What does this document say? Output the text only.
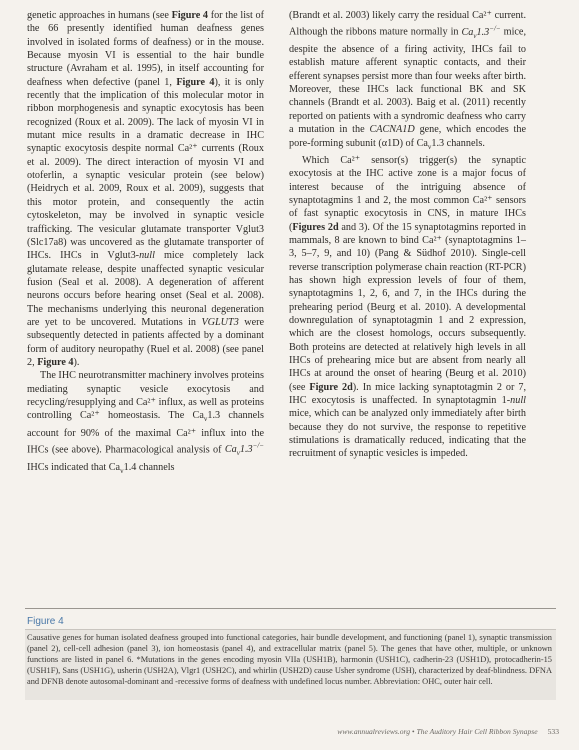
genetic approaches in humans (see Figure 4 for the list of the 66 presently identified human deafness genes involved in isolated forms of deafness) or in the mouse. Because myosin VI is essential to the hair bundle structure (Avraham et al. 1995), in itself accounting for deafness when defective (panel 1, Figure 4), it is only recently that the implication of this molecular motor in ribbon morphogenesis and synaptic exocytosis has been recognized (Roux et al. 2009). The lack of myosin VI in mutant mice results in a dramatic decrease in IHC synaptic exocytosis despite normal Ca²⁺ currents (Roux et al. 2009). The direct interaction of myosin VI and otoferlin, a synaptic vesicular protein (see below) (Heidrych et al. 2009, Roux et al. 2009), suggests that this motor protein, and consequently the actin cytoskeleton, may be involved in synaptic vesicle trafficking. The vesicular glutamate transporter Vglut3 (Slc17a8) was uncovered as the glutamate transporter of IHCs. IHCs in Vglut3-null mice completely lack glutamate release, despite unaffected synaptic vesicular fusion (Seal et al. 2008). A degeneration of afferent neurons occurs before hearing onset (Seal et al. 2008). The mechanisms underlying this neuronal degeneration are yet to be uncovered. Mutations in VGLUT3 were subsequently detected in patients affected by a dominant form of auditory neuropathy (Ruel et al. 2008) (see panel 2, Figure 4).

The IHC neurotransmitter machinery involves proteins mediating synaptic vesicle exocytosis and recycling/resupplying and Ca²⁺ influx, as well as proteins controlling Ca²⁺ homeostasis. The $Ca_v1.3$ channels account for 90% of the maximal Ca²⁺ influx into the IHCs (see above). Pharmacological analysis of $Ca_v1.3^{-/-}$ IHCs indicated that $Ca_v1.4$ channels

(Brandt et al. 2003) likely carry the residual Ca²⁺ current. Although the ribbons mature normally in $Ca_v1.3^{-/-}$ mice, despite the absence of a firing activity, IHCs fail to establish mature afferent synaptic contacts, and their efferent synapses persist more than four weeks after birth. Moreover, these IHCs lack functional BK and SK channels (Brandt et al. 2003). Baig et al. (2011) recently reported on patients with a syndromic deafness who carry a mutation in the CACNA1D gene, which encodes the pore-forming subunit (α1D) of $Ca_v1.3$ channels.

Which Ca²⁺ sensor(s) trigger(s) the synaptic exocytosis at the IHC active zone is a major focus of interest because of the intriguing absence of synaptotagmins 1 and 2, the most common Ca²⁺ sensors of fast synaptic exocytosis in CNS, in mature IHCs (Figures 2d and 3). Of the 15 synaptotagmins reported in mammals, 8 are known to bind Ca²⁺ (synaptotagmins 1–3, 5–7, 9, and 10) (Pang & Südhof 2010). Single-cell reverse transcription polymerase chain reaction (RT-PCR) has shown high expression levels of four of them, synaptotagmins 1, 2, 6, and 7, in the IHCs during the prehearing period (Beurg et al. 2010). A developmental downregulation of synaptotagmin 1 and 2 expression, which are the closest homologs, occurs subsequently. Both proteins are detected at relatively high levels in all IHCs of prehearing mice but are absent from nearly all IHCs at around the onset of hearing (Beurg et al. 2010) (see Figure 2d). In mice lacking synaptotagmin 2 or 7, IHC exocytosis is unaffected. In synaptotagmin 1-null mice, which can be analyzed only immediately after birth because they do not survive, the response to repetitive stimulations is dramatically reduced, indicating that the recruitment of synaptic vesicles is impeded.

Figure 4
Causative genes for human isolated deafness grouped into functional categories, hair bundle development, and functioning (panel 1), synaptic transmission (panel 2), cell-cell adhesion (panel 3), ion homeostasis (panel 4), and extracellular matrix (panel 5). The genes that have other, multiple, or unknown functions are listed in panel 6. *Mutations in the genes encoding myosin VIIa (USH1B), harmonin (USH1C), cadherin-23 (USH1D), protocadherin-15 (USH1F), Sans (USH1G), usherin (USH2A), Vlgr1 (USH2C), and whirlin (USH2D) cause Usher syndrome (USH), characterized by deaf-blindness. DFNA and DFNB denote autosomal-dominant and -recessive forms of deafness with undefined locus number. Abbreviation: OHC, outer hair cell.
www.annualreviews.org • The Auditory Hair Cell Ribbon Synapse 533
